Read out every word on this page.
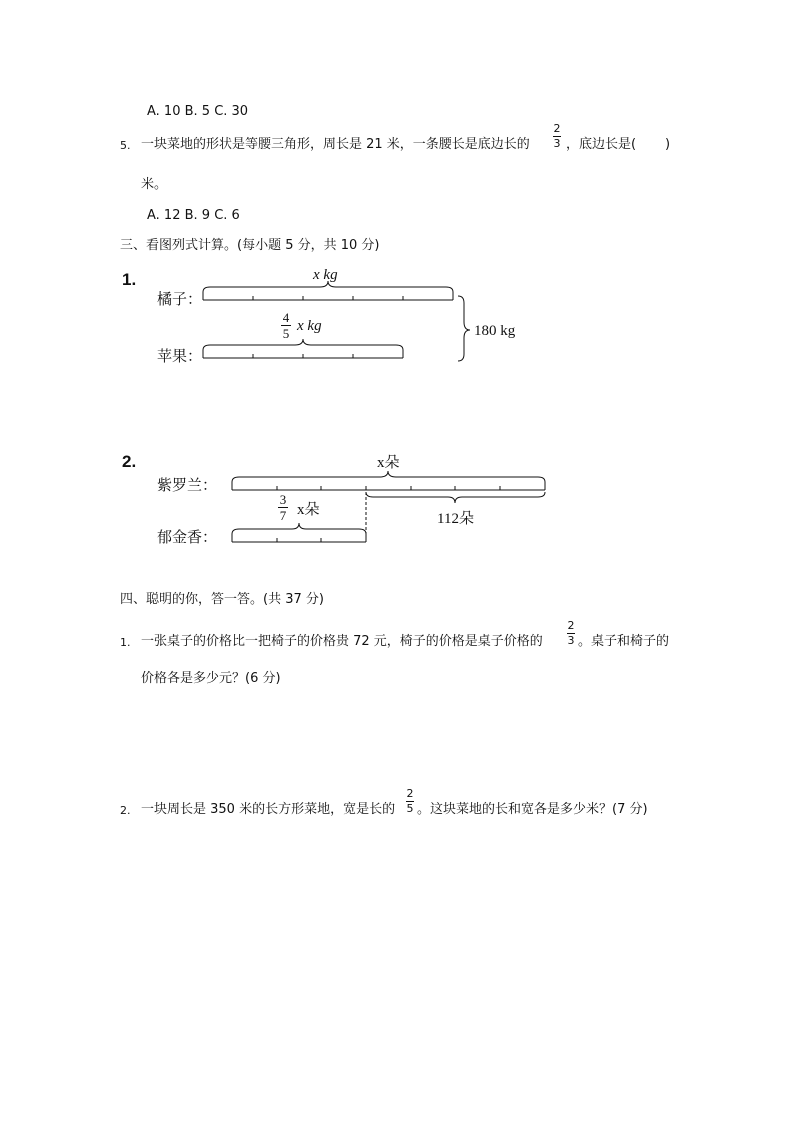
A. 10 B. 5 C. 30
5. 一块菜地的形状是等腰三角形，周长是 21 米，一条腰长是底边长的
2
3 ，底边长是( )
米。
A. 12 B. 9 C. 6
三、看图列式计算。(每小题 5 分，共 10 分)
1.
橘子：
苹果：
x kg
4
5 x kg	180 kg
2.
紫罗兰：
郁金香：
x朵
3
7 x朵
112朵
四、聪明的你，答一答。(共 37 分)
1. 一张桌子的价格比一把椅子的价格贵 72 元，椅子的价格是桌子价格的
2
3 。桌子和椅子的
价格各是多少元？(6 分)
2. 一块周长是 350 米的长方形菜地，宽是长的
2
5 。这块菜地的长和宽各是多少米？(7 分)
